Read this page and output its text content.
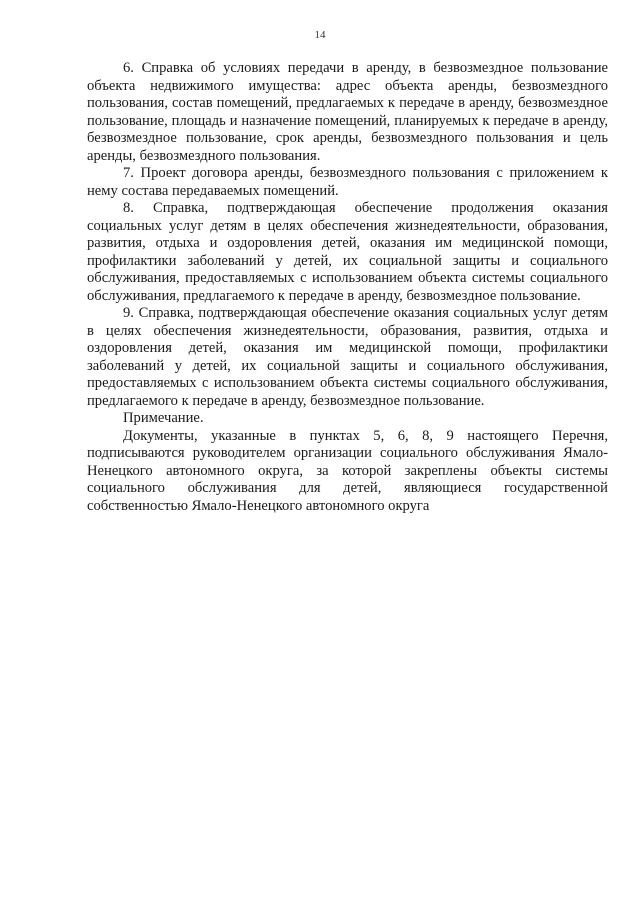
14

6. Справка об условиях передачи в аренду, в безвозмездное пользование объекта недвижимого имущества: адрес объекта аренды, безвозмездного пользования, состав помещений, предлагаемых к передаче в аренду, безвозмездное пользование, площадь и назначение помещений, планируемых к передаче в аренду, безвозмездное пользование, срок аренды, безвозмездного пользования и цель аренды, безвозмездного пользования.

7. Проект договора аренды, безвозмездного пользования с приложением к нему состава передаваемых помещений.

8. Справка, подтверждающая обеспечение продолжения оказания социальных услуг детям в целях обеспечения жизнедеятельности, образования, развития, отдыха и оздоровления детей, оказания им медицинской помощи, профилактики заболеваний у детей, их социальной защиты и социального обслуживания, предоставляемых с использованием объекта системы социального обслуживания, предлагаемого к передаче в аренду, безвозмездное пользование.

9. Справка, подтверждающая обеспечение оказания социальных услуг детям в целях обеспечения жизнедеятельности, образования, развития, отдыха и оздоровления детей, оказания им медицинской помощи, профилактики заболеваний у детей, их социальной защиты и социального обслуживания, предоставляемых с использованием объекта системы социального обслуживания, предлагаемого к передаче в аренду, безвозмездное пользование.

Примечание.

Документы, указанные в пунктах 5, 6, 8, 9 настоящего Перечня, подписываются руководителем организации социального обслуживания Ямало-Ненецкого автономного округа, за которой закреплены объекты системы социального обслуживания для детей, являющиеся государственной собственностью Ямало-Ненецкого автономного округа
